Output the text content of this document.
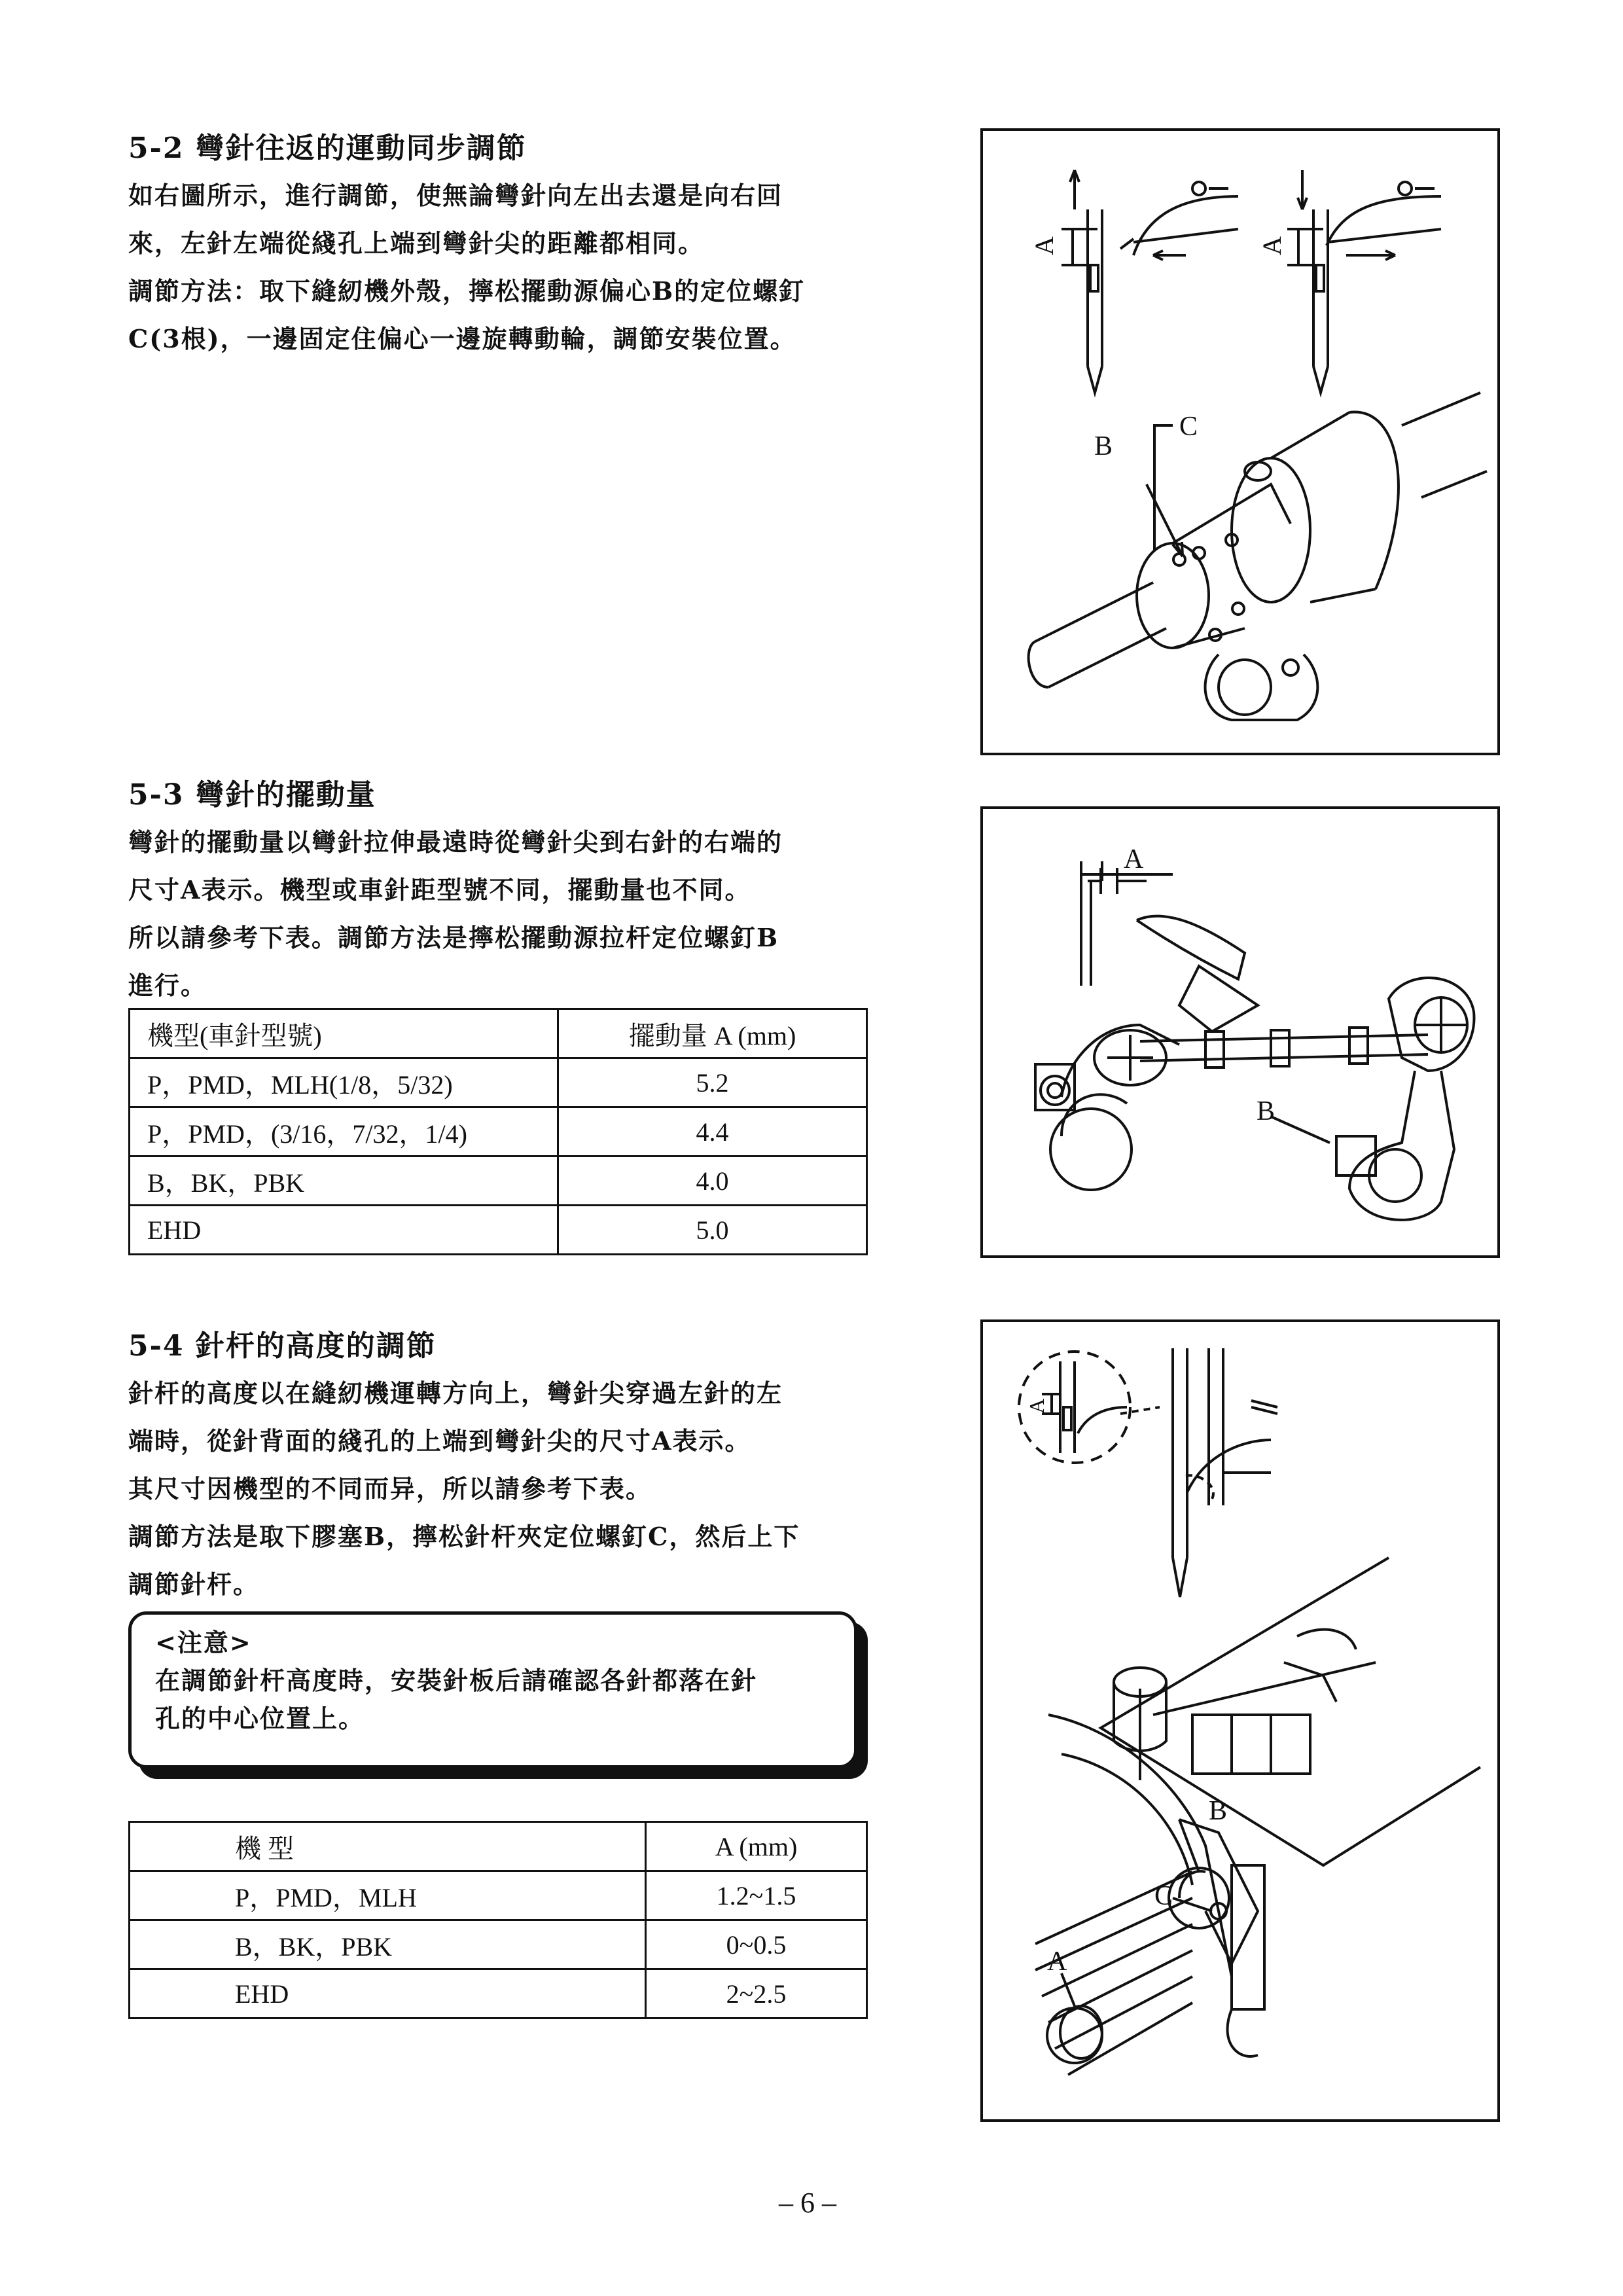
5-2 彎針往返的運動同步調節

如右圖所示，進行調節，使無論彎針向左出去還是向右回

來，左針左端從綫孔上端到彎針尖的距離都相同。

調節方法：取下縫紉機外殼，擰松擺動源偏心B的定位螺釘

C(3根)，一邊固定住偏心一邊旋轉動輪，調節安裝位置。

A	A
B
C
5-3 彎針的擺動量

彎針的擺動量以彎針拉伸最遠時從彎針尖到右針的右端的

尺寸A表示。機型或車針距型號不同，擺動量也不同。

所以請參考下表。調節方法是擰松擺動源拉杆定位螺釘B

進行。

機型(車針型號)	擺動量 A (mm)
P，PMD，MLH(1/8，5/32)	5.2
P，PMD，(3/16，7/32，1/4)	4.4
B，BK，PBK	4.0
EHD	5.0
A
B
5-4 針杆的高度的調節

針杆的高度以在縫紉機運轉方向上，彎針尖穿過左針的左

端時，從針背面的綫孔的上端到彎針尖的尺寸A表示。

其尺寸因機型的不同而异，所以請參考下表。

調節方法是取下膠塞B，擰松針杆夾定位螺釘C，然后上下

調節針杆。

<注意>
在調節針杆高度時，安裝針板后請確認各針都落在針
孔的中心位置上。
機 型	A (mm)
P，PMD，MLH	1.2~1.5
B，BK，PBK	0~0.5
EHD	2~2.5
A
A
B
C
– 6 –
